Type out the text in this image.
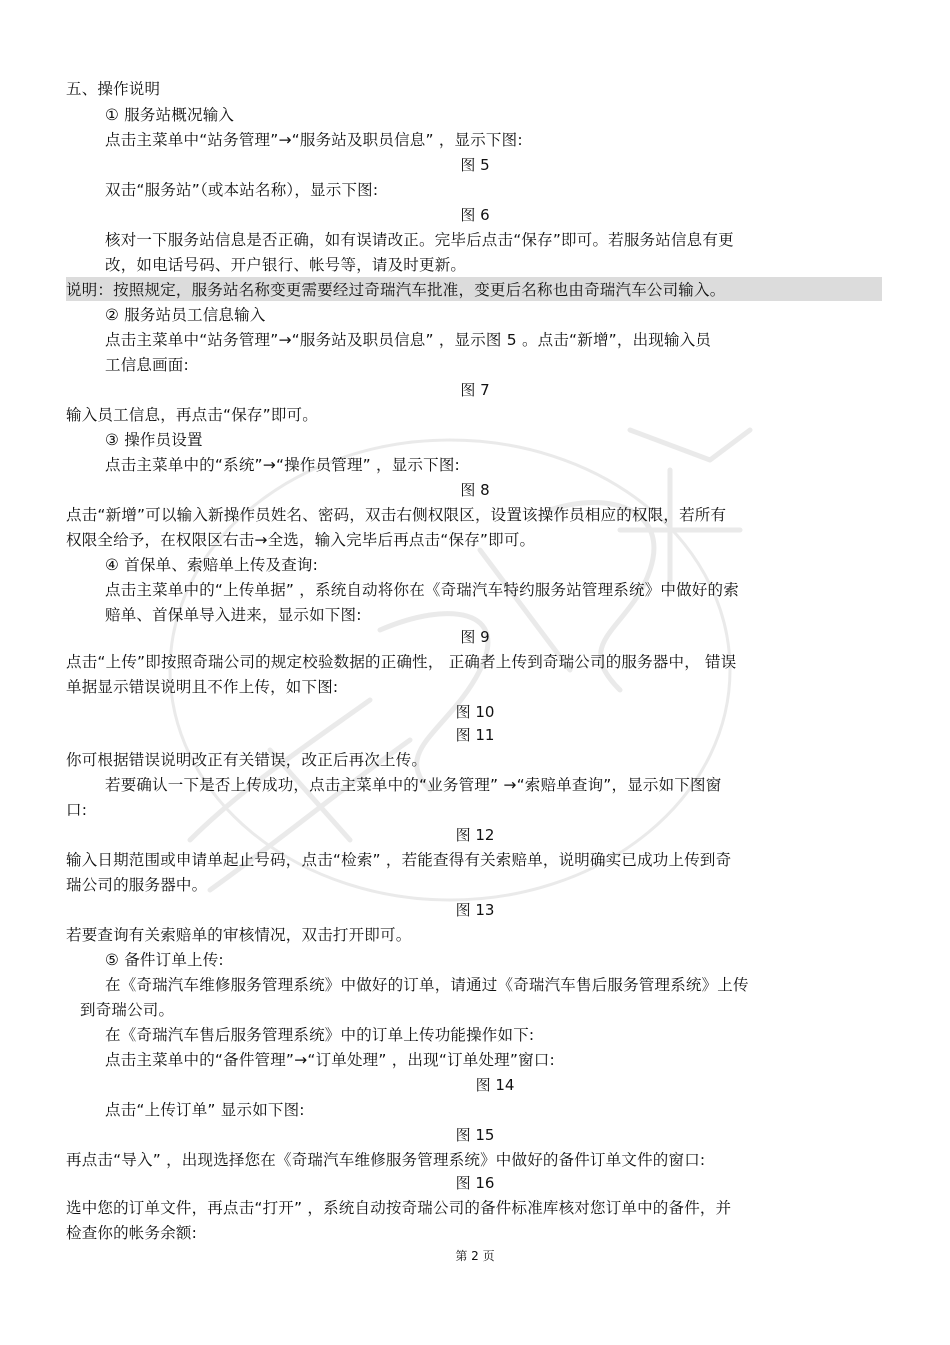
五、操作说明
① 服务站概况输入
点击主菜单中“站务管理”→“服务站及职员信息” ，显示下图:
图 5
双击“服务站”（或本站名称），显示下图:
图 6
核对一下服务站信息是否正确，如有误请改正。完毕后点击“保存”即可。若服务站信息有更
改，如电话号码、开户银行、帐号等，请及时更新。
说明：按照规定，服务站名称变更需要经过奇瑞汽车批准，变更后名称也由奇瑞汽车公司输入。
② 服务站员工信息输入
点击主菜单中“站务管理”→“服务站及职员信息” ，显示图 5 。点击“新增”，出现输入员
工信息画面:
图 7
输入员工信息，再点击“保存”即可。
③ 操作员设置
点击主菜单中的“系统”→“操作员管理” ，显示下图:
图 8
点击“新增”可以输入新操作员姓名、密码，双击右侧权限区，设置该操作员相应的权限，若所有
权限全给予，在权限区右击→全选，输入完毕后再点击“保存”即可。
④ 首保单、索赔单上传及查询:
点击主菜单中的“上传单据” ，系统自动将你在《奇瑞汽车特约服务站管理系统》中做好的索
赔单、首保单导入进来，显示如下图:
图 9
点击“上传”即按照奇瑞公司的规定校验数据的正确性， 正确者上传到奇瑞公司的服务器中， 错误
单据显示错误说明且不作上传，如下图:
图 10
图 11
你可根据错误说明改正有关错误，改正后再次上传。
若要确认一下是否上传成功，点击主菜单中的“业务管理” →“索赔单查询”，显示如下图窗
口:
图 12
输入日期范围或申请单起止号码，点击“检索” ，若能查得有关索赔单，说明确实已成功上传到奇
瑞公司的服务器中。
图 13
若要查询有关索赔单的审核情况，双击打开即可。
⑤ 备件订单上传:
在《奇瑞汽车维修服务管理系统》中做好的订单，请通过《奇瑞汽车售后服务管理系统》上传
到奇瑞公司。
在《奇瑞汽车售后服务管理系统》中的订单上传功能操作如下:
点击主菜单中的“备件管理”→“订单处理” ，出现“订单处理”窗口:
图 14
点击“上传订单” 显示如下图:
图 15
再点击“导入” ，出现选择您在《奇瑞汽车维修服务管理系统》中做好的备件订单文件的窗口:
图 16
选中您的订单文件，再点击“打开” ，系统自动按奇瑞公司的备件标准库核对您订单中的备件，并
检查你的帐务余额:
第 2 页
